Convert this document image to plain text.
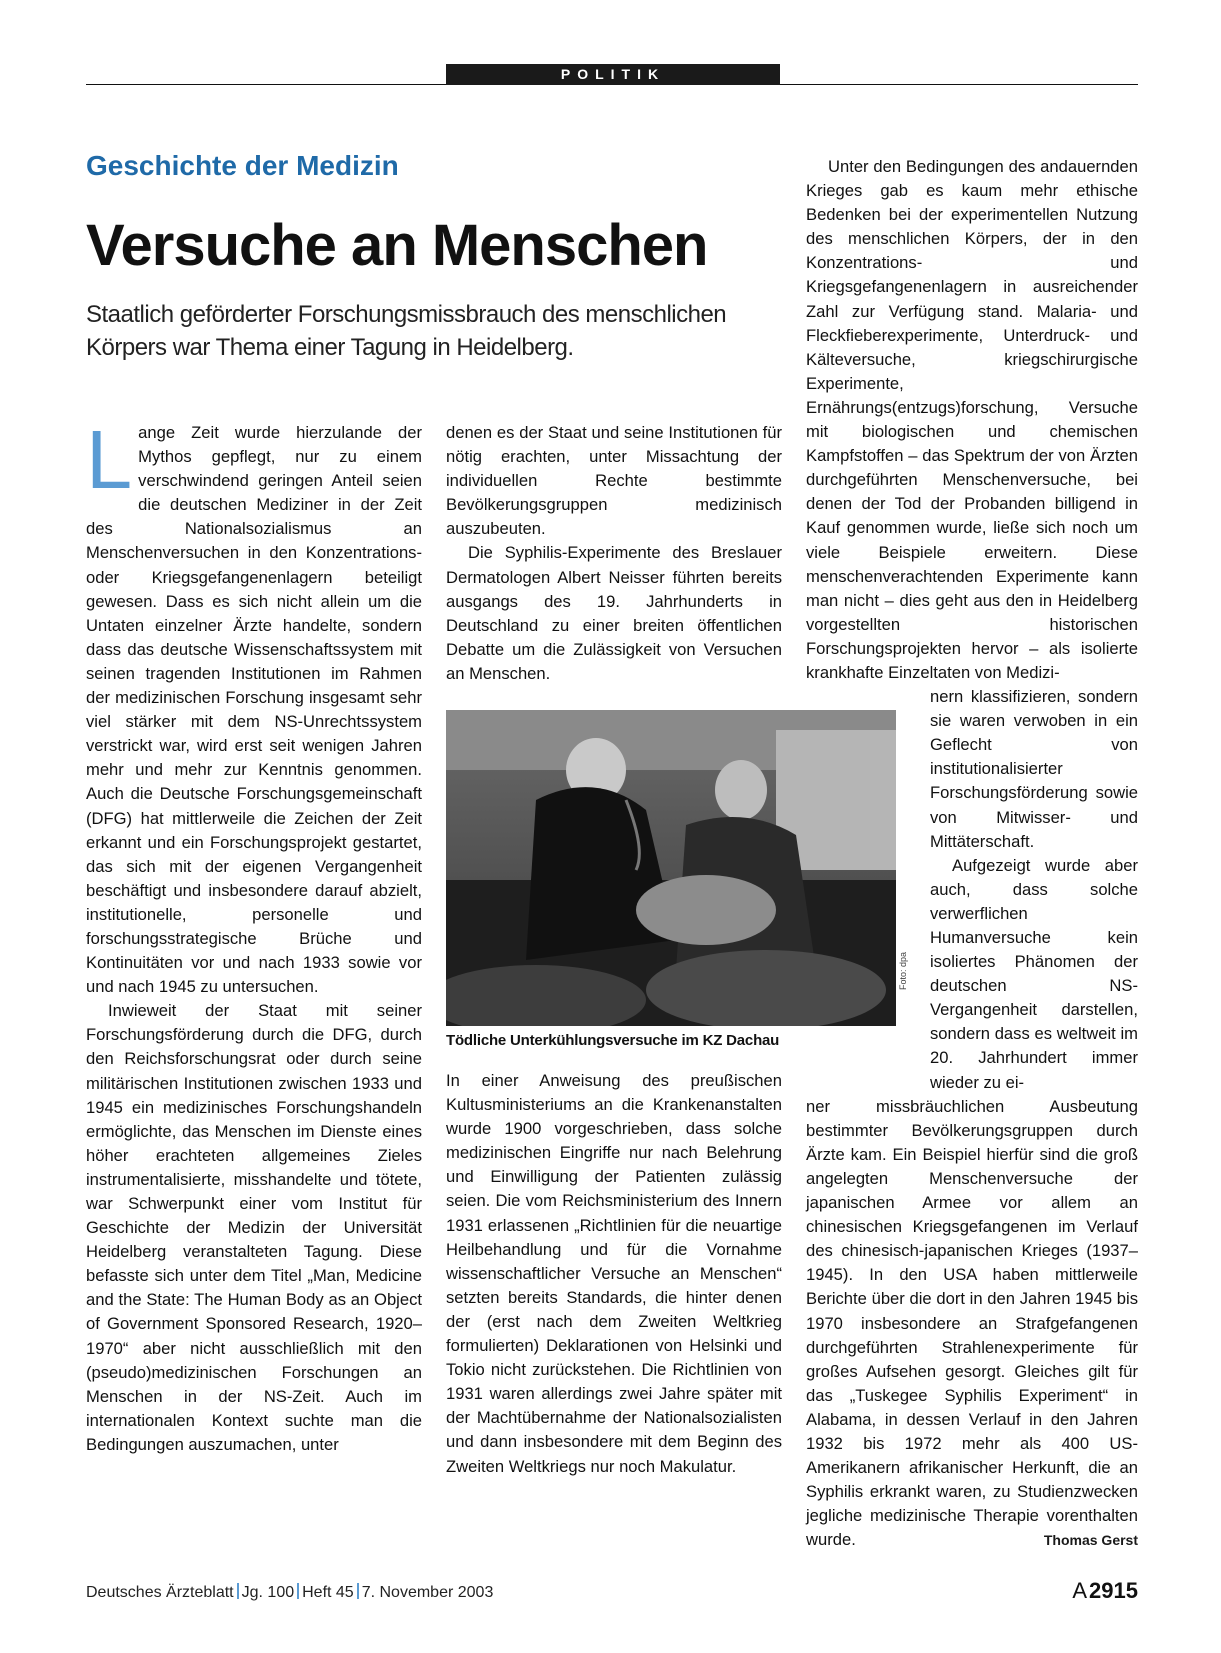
POLITIK
Geschichte der Medizin
Versuche an Menschen
Staatlich geförderter Forschungsmissbrauch des menschlichen Körpers war Thema einer Tagung in Heidelberg.

Lange Zeit wurde hierzulande der Mythos gepflegt, nur zu einem verschwindend geringen Anteil seien die deutschen Mediziner in der Zeit des Nationalsozialismus an Menschenversuchen in den Konzentrations- oder Kriegsgefangenenlagern beteiligt gewesen. Dass es sich nicht allein um die Untaten einzelner Ärzte handelte, sondern dass das deutsche Wissenschaftssystem mit seinen tragenden Institutionen im Rahmen der medizinischen Forschung insgesamt sehr viel stärker mit dem NS-Unrechtssystem verstrickt war, wird erst seit wenigen Jahren mehr und mehr zur Kenntnis genommen. Auch die Deutsche Forschungsgemeinschaft (DFG) hat mittlerweile die Zeichen der Zeit erkannt und ein Forschungsprojekt gestartet, das sich mit der eigenen Vergangenheit beschäftigt und insbesondere darauf abzielt, institutionelle, personelle und forschungsstrategische Brüche und Kontinuitäten vor und nach 1933 sowie vor und nach 1945 zu untersuchen.

Inwieweit der Staat mit seiner Forschungsförderung durch die DFG, durch den Reichsforschungsrat oder durch seine militärischen Institutionen zwischen 1933 und 1945 ein medizinisches Forschungshandeln ermöglichte, das Menschen im Dienste eines höher erachteten allgemeines Zieles instrumentalisierte, misshandelte und tötete, war Schwerpunkt einer vom Institut für Geschichte der Medizin der Universität Heidelberg veranstalteten Tagung. Diese befasste sich unter dem Titel „Man, Medicine and the State: The Human Body as an Object of Government Sponsored Research, 1920–1970“ aber nicht ausschließlich mit den (pseudo)medizinischen Forschungen an Menschen in der NS-Zeit. Auch im internationalen Kontext suchte man die Bedingungen auszumachen, unter

denen es der Staat und seine Institutionen für nötig erachten, unter Missachtung der individuellen Rechte bestimmte Bevölkerungsgruppen medizinisch auszubeuten.

Die Syphilis-Experimente des Breslauer Dermatologen Albert Neisser führten bereits ausgangs des 19. Jahrhunderts in Deutschland zu einer breiten öffentlichen Debatte um die Zulässigkeit von Versuchen an Menschen.

Foto: dpa
Tödliche Unterkühlungsversuche im KZ Dachau

In einer Anweisung des preußischen Kultusministeriums an die Krankenanstalten wurde 1900 vorgeschrieben, dass solche medizinischen Eingriffe nur nach Belehrung und Einwilligung der Patienten zulässig seien. Die vom Reichsministerium des Innern 1931 erlassenen „Richtlinien für die neuartige Heilbehandlung und für die Vornahme wissenschaftlicher Versuche an Menschen“ setzten bereits Standards, die hinter denen der (erst nach dem Zweiten Weltkrieg formulierten) Deklarationen von Helsinki und Tokio nicht zurückstehen. Die Richtlinien von 1931 waren allerdings zwei Jahre später mit der Machtübernahme der Nationalsozialisten und dann insbesondere mit dem Beginn des Zweiten Weltkriegs nur noch Makulatur.

Unter den Bedingungen des andauernden Krieges gab es kaum mehr ethische Bedenken bei der experimentellen Nutzung des menschlichen Körpers, der in den Konzentrations- und Kriegsgefangenenlagern in ausreichender Zahl zur Verfügung stand. Malaria- und Fleckfieberexperimente, Unterdruck- und Kälteversuche, kriegschirurgische Experimente, Ernährungs(entzugs)forschung, Versuche mit biologischen und chemischen Kampfstoffen – das Spektrum der von Ärzten durchgeführten Menschenversuche, bei denen der Tod der Probanden billigend in Kauf genommen wurde, ließe sich noch um viele Beispiele erweitern. Diese menschenverachtenden Experimente kann man nicht – dies geht aus den in Heidelberg vorgestellten historischen Forschungsprojekten hervor – als isolierte krankhafte Einzeltaten von Medizi-

nern klassifizieren, sondern sie waren verwoben in ein Geflecht von institutionalisierter Forschungsförderung sowie von Mitwisser- und Mittäterschaft.

Aufgezeigt wurde aber auch, dass solche verwerflichen Humanversuche kein isoliertes Phänomen der deutschen NS-Vergangenheit darstellen, sondern dass es weltweit im 20. Jahrhundert immer wieder zu ei-

ner missbräuchlichen Ausbeutung bestimmter Bevölkerungsgruppen durch Ärzte kam. Ein Beispiel hierfür sind die groß angelegten Menschenversuche der japanischen Armee vor allem an chinesischen Kriegsgefangenen im Verlauf des chinesisch-japanischen Krieges (1937–1945). In den USA haben mittlerweile Berichte über die dort in den Jahren 1945 bis 1970 insbesondere an Strafgefangenen durchgeführten Strahlenexperimente für großes Aufsehen gesorgt. Gleiches gilt für das „Tuskegee Syphilis Experiment“ in Alabama, in dessen Verlauf in den Jahren 1932 bis 1972 mehr als 400 US-Amerikanern afrikanischer Herkunft, die an Syphilis erkrankt waren, zu Studienzwecken jegliche medizinische Therapie vorenthalten wurde.	Thomas Gerst
Deutsches Ärzteblatt Jg. 100 Heft 45 7. November 2003	A2915
